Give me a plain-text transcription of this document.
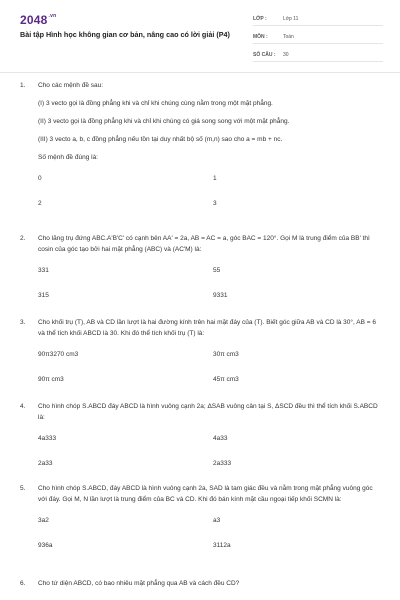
$2048^{.vn}$
Bài tập Hình học không gian cơ bản, nâng cao có lời giải (P4)
LỚP :	Lớp 11
MÔN :	Toán
SỐ CÂU :	30
1.	Cho các mệnh đề sau:
(I) 3 vecto gọi là đồng phẳng khi và chỉ khi chúng cùng nằm trong một mặt phẳng.
(II) 3 vecto gọi là đồng phẳng khi và chỉ khi chúng có giá song song với một mặt phẳng.
(III) 3 vecto a, b, c đồng phẳng nếu tồn tại duy nhất bộ số (m,n) sao cho a = mb + nc.
Số mệnh đề đúng là:
0	1
2	3
2.	Cho lăng trụ đứng ABC.A'B'C' có cạnh bên AA' = 2a, AB = AC = a, góc BAC = 120°. Gọi M là trung điểm của BB' thì cosin của góc tạo bởi hai mặt phẳng (ABC) và (AC'M) là:
331	55
315	9331
3.	Cho khối trụ (T), AB và CD lần lượt là hai đường kính trên hai mặt đáy của (T). Biết góc giữa AB và CD là 30°, AB = 6 và thể tích khối ABCD là 30. Khi đó thể tích khối trụ (T) là:
90π3270 cm3	30π cm3
90π cm3	45π cm3
4.	Cho hình chóp S.ABCD đáy ABCD là hình vuông cạnh 2a; ΔSAB vuông cân tại S, ΔSCD đều thì thể tích khối S.ABCD là:
4a333	4a33
2a33	2a333
5.	Cho hình chóp S.ABCD, đáy ABCD là hình vuông cạnh 2a, SAD là tam giác đều và nằm trong mặt phẳng vuông góc với đáy. Gọi M, N lần lượt là trung điểm của BC và CD. Khi đó bán kính mặt cầu ngoại tiếp khối SCMN là:
3a2	a3
936a	3112a
6.	Cho tứ diện ABCD, có bao nhiêu mặt phẳng qua AB và cách đều CD?
